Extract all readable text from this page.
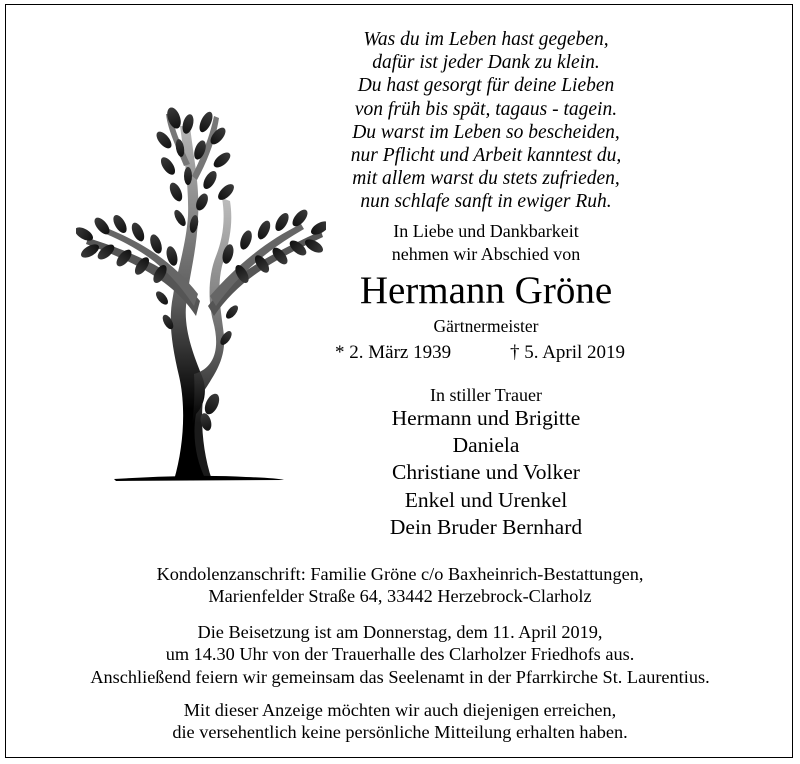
Was du im Leben hast gegeben,
dafür ist jeder Dank zu klein.
Du hast gesorgt für deine Lieben
von früh bis spät, tagaus - tagein.
Du warst im Leben so bescheiden,
nur Pflicht und Arbeit kanntest du,
mit allem warst du stets zufrieden,
nun schlafe sanft in ewiger Ruh.
In Liebe und Dankbarkeit
nehmen wir Abschied von
Hermann Gröne
Gärtnermeister
* 2. März 1939	† 5. April 2019
In stiller Trauer
Hermann und Brigitte
Daniela
Christiane und Volker
Enkel und Urenkel
Dein Bruder Bernhard
Kondolenzanschrift: Familie Gröne c/o Baxheinrich-Bestattungen,
Marienfelder Straße 64, 33442 Herzebrock-Clarholz
Die Beisetzung ist am Donnerstag, dem 11. April 2019,
um 14.30 Uhr von der Trauerhalle des Clarholzer Friedhofs aus.
Anschließend feiern wir gemeinsam das Seelenamt in der Pfarrkirche St. Laurentius.
Mit dieser Anzeige möchten wir auch diejenigen erreichen,
die versehentlich keine persönliche Mitteilung erhalten haben.
